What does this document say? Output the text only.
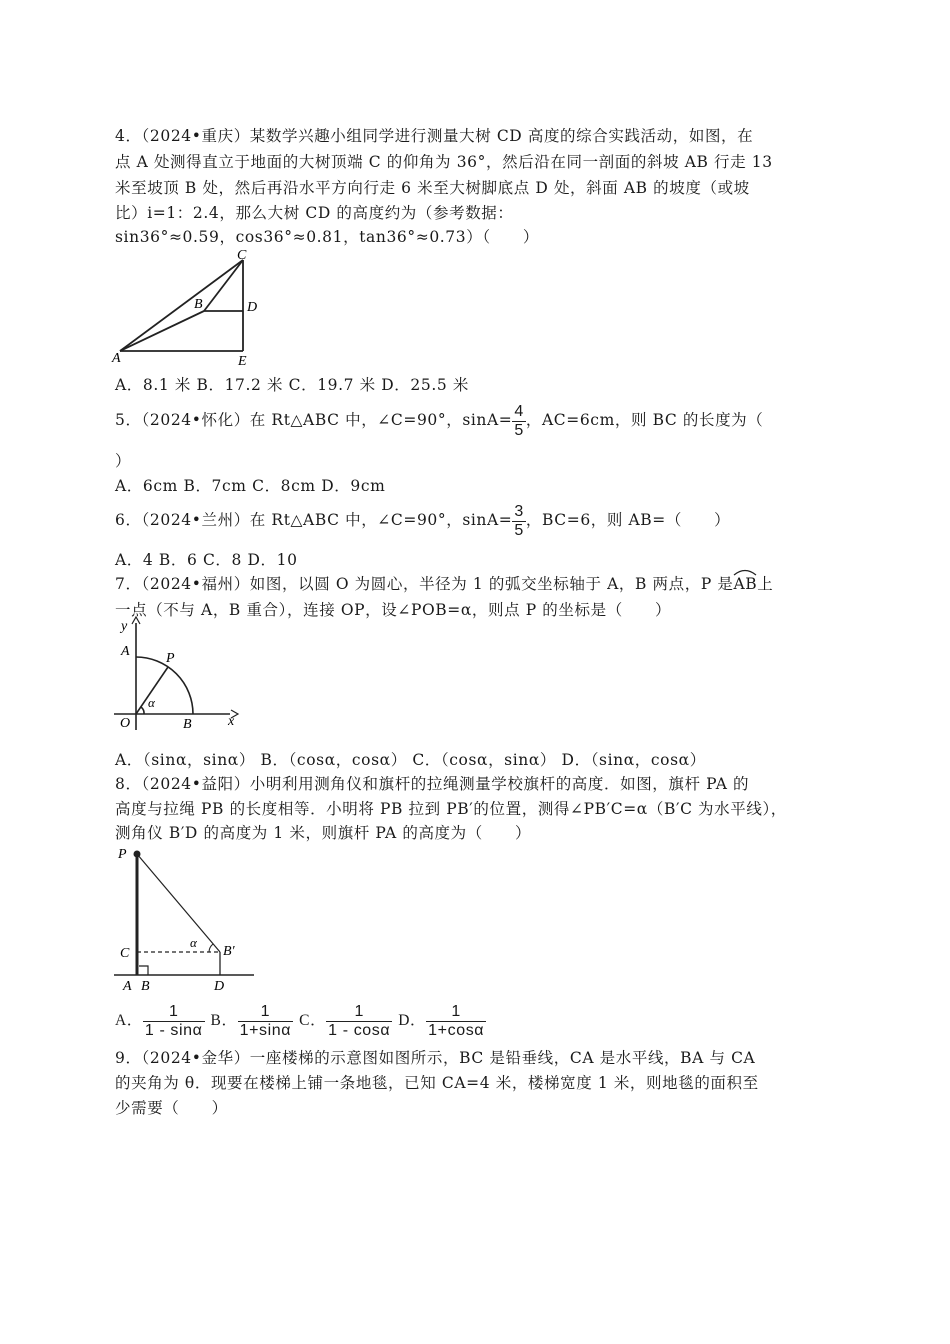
4．（2024•重庆）某数学兴趣小组同学进行测量大树 CD 高度的综合实践活动，如图，在
点 A 处测得直立于地面的大树顶端 C 的仰角为 36°，然后沿在同一剖面的斜坡 AB 行走 13
米至坡顶 B 处，然后再沿水平方向行走 6 米至大树脚底点 D 处，斜面 AB 的坡度（或坡
比）i=1：2.4，那么大树 CD 的高度约为（参考数据：
sin36°≈0.59，cos36°≈0.81，tan36°≈0.73）（　　）
C
B	D
A	E
A．8.1 米 B．17.2 米 C．19.7 米 D．25.5 米
5．（2024•怀化）在 Rt△ABC 中，∠C=90°，$\sin A= \frac{4}{5}$ ，AC=6cm，则 BC 的长度为（
）
A．6cm B．7cm C．8cm D．9cm
6．（2024•兰州）在 Rt△ABC 中，∠C=90°，$\sin A= \frac{3}{5}$ ，BC=6，则 AB=（　　）
A．4 B．6 C．8 D．10
7．（2024•福州）如图，以圆 O 为圆心，半径为 1 的弧交坐标轴于 A，B 两点，P 是
AB上
一点（不与 A，B 重合），连接 OP，设∠POB=α，则点 P 的坐标是（　　）
y
A	P
α
O	B	x
A．（sinα，sinα） B．（cosα，cosα） C．（cosα，sinα） D．（sinα，cosα）
8．（2024•益阳）小明利用测角仪和旗杆的拉绳测量学校旗杆的高度．如图，旗杆 PA 的
高度与拉绳 PB 的长度相等．小明将 PB 拉到 PB′的位置，测得∠PB′C=α（B′C 为水平线），
测角仪 B′D 的高度为 1 米，则旗杆 PA 的高度为（　　）
P
C
α
B′
A B	D
A． $\frac{1}{1 - \sin\alpha}$ B． $\frac{1}{1+\sin\alpha}$ C． $\frac{1}{1 - \cos\alpha}$ D． $\frac{1}{1+\cos\alpha}$
9．（2024•金华）一座楼梯的示意图如图所示，BC 是铅垂线，CA 是水平线，BA 与 CA
的夹角为 θ．现要在楼梯上铺一条地毯，已知 CA=4 米，楼梯宽度 1 米，则地毯的面积至
少需要（　　）
